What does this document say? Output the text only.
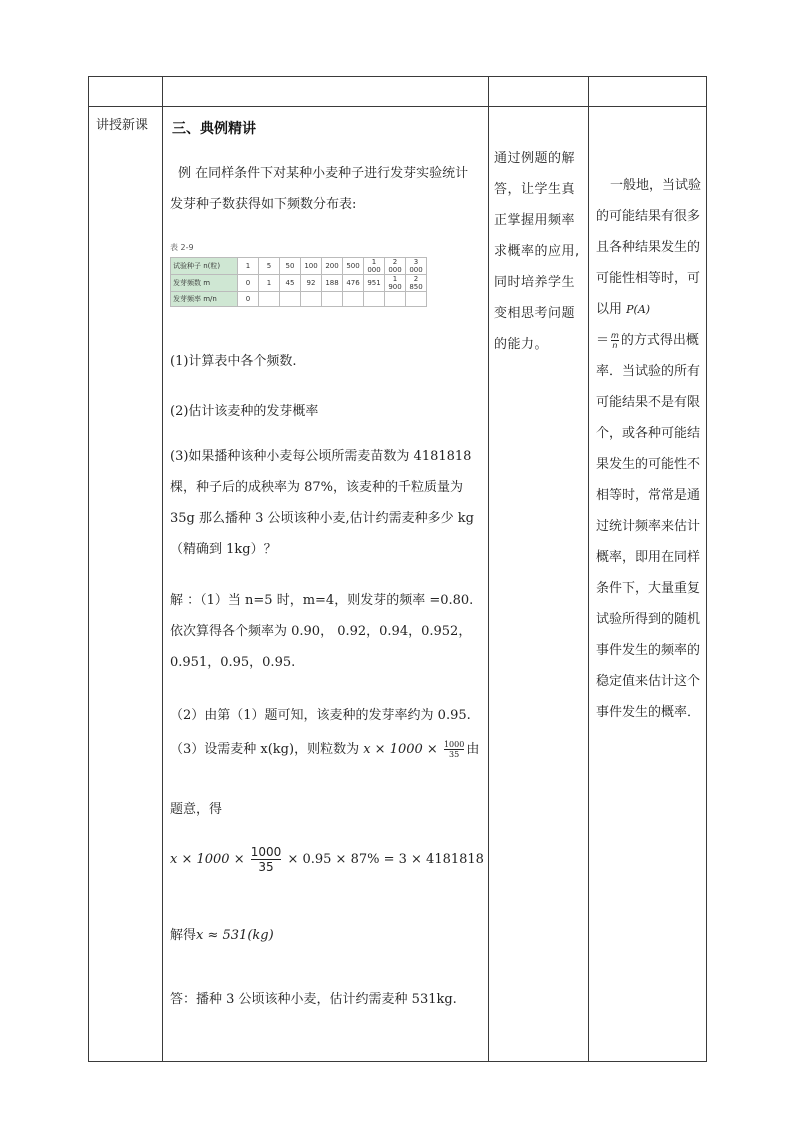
讲授新课 三、典例精讲
例 在同样条件下对某种小麦种子进行发芽实验统计发芽种子数获得如下频数分布表:
表 2-9
试验种子 n(粒)	1	5	50	100	200	500	1 000	2 000	3 000
发芽频数 m	0	1	45	92	188	476	951	1 900	2 850
发芽频率 m/n	0								
(1)计算表中各个频数.
(2)估计该麦种的发芽概率
(3)如果播种该种小麦每公顷所需麦苗数为 4181818 棵，种子后的成秧率为 87%，该麦种的千粒质量为 35g 那么播种 3 公顷该种小麦,估计约需麦种多少 kg（精确到 1kg）？
解 ：（1）当 n=5 时，m=4，则发芽的频率 =0.80.依次算得各个频率为 0.90， 0.92，0.94，0.952，0.951，0.95，0.95.
（2）由第（1）题可知，该麦种的发芽率约为 0.95.
（3）设需麦种 x(kg)，则粒数为 $x \times 1000 \times \frac{1000}{35}$ 由
题意，得
$x \times 1000 \times \frac{1000}{35} \times 0.95 \times 87\% = 3 \times 4181818$
解得x ≈ 531(kg)
答：播种 3 公顷该种小麦，估计约需麦种 531kg.
通过例题的解答，让学生真正掌握用频率求概率的应用,同时培养学生变相思考问题的能力。
一般地，当试验的可能结果有很多且各种结果发生的可能性相等时，可以用 P(A)
＝ $\frac{m}{n}$ 的方式得出概率．当试验的所有可能结果不是有限个，或各种可能结果发生的可能性不相等时，常常是通过统计频率来估计概率，即用在同样条件下，大量重复试验所得到的随机事件发生的频率的稳定值来估计这个事件发生的概率．
